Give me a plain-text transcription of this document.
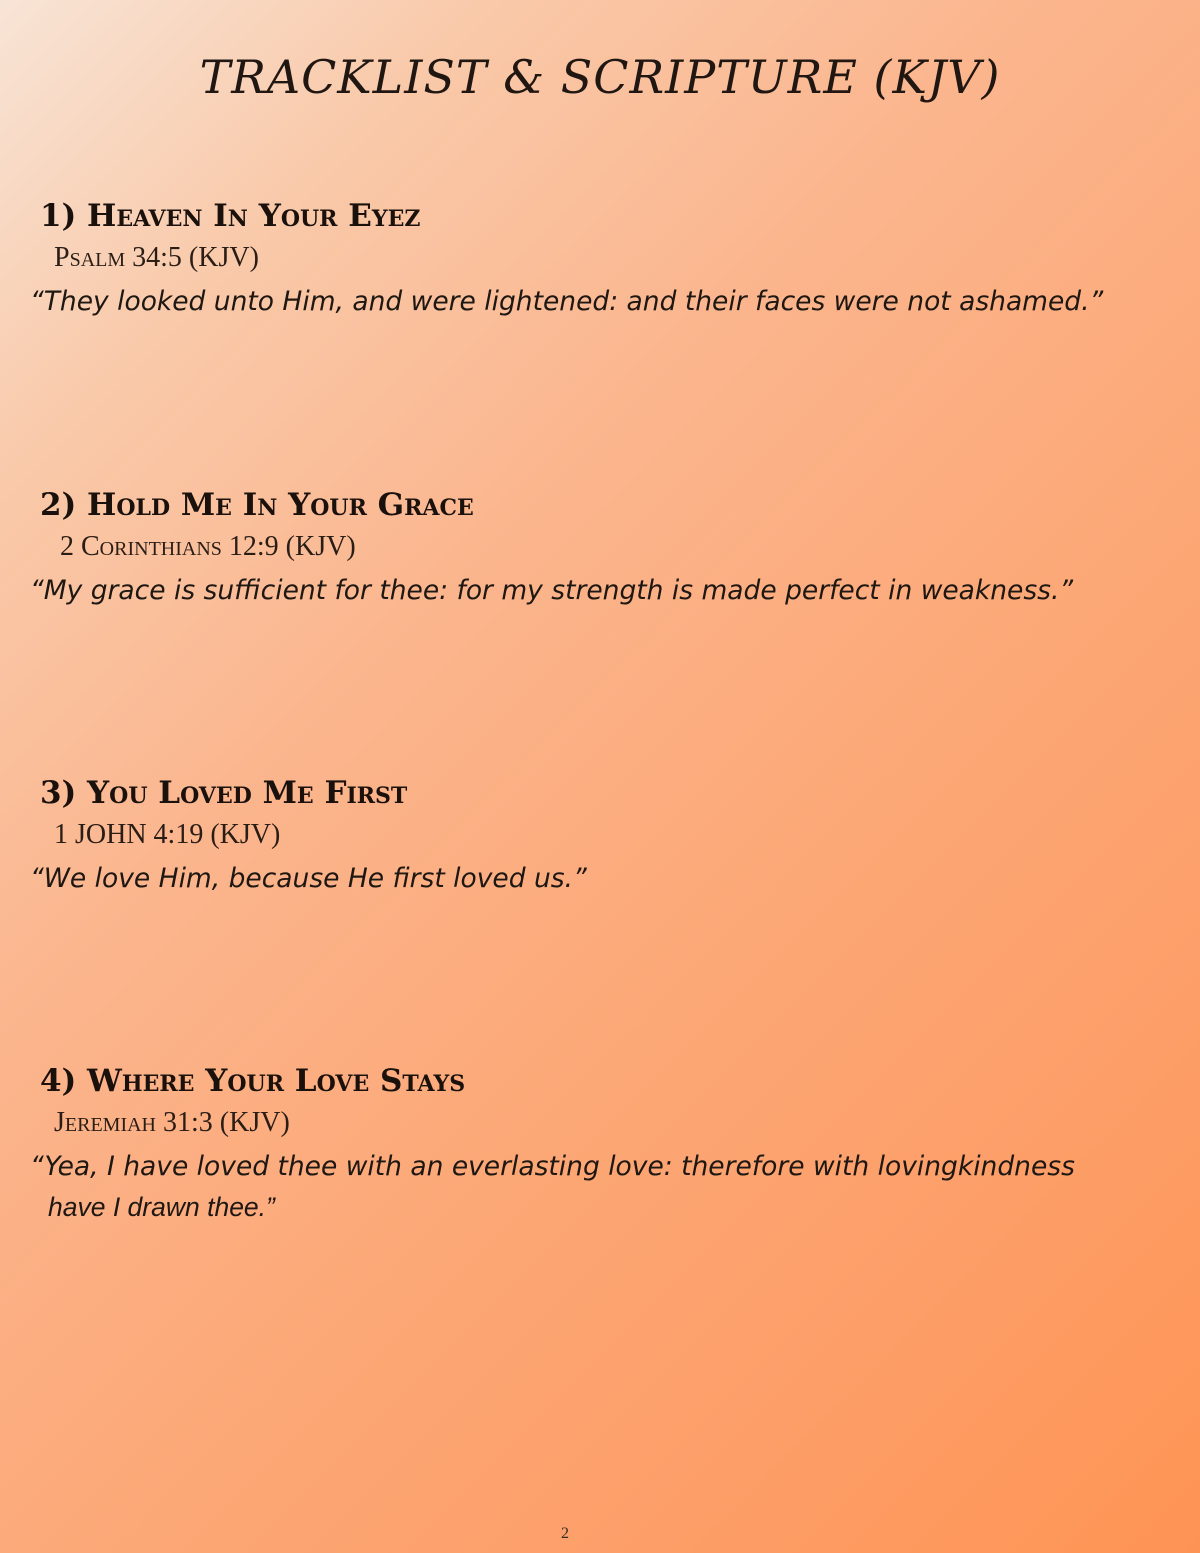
TRACKLIST & SCRIPTURE (KJV)
1) Heaven In Your Eyez
Psalm 34:5 (KJV)
“They looked unto Him, and were lightened: and their faces were not ashamed.”
2) Hold Me In Your Grace
2 Corinthians 12:9 (KJV)
“My grace is sufficient for thee: for my strength is made perfect in weakness.”
3) You Loved Me First
1 JOHN 4:19 (KJV)
“We love Him, because He first loved us.”
4) Where Your Love Stays
Jeremiah 31:3 (KJV)
“Yea, I have loved thee with an everlasting love: therefore with lovingkindness
have I drawn thee.”
2
